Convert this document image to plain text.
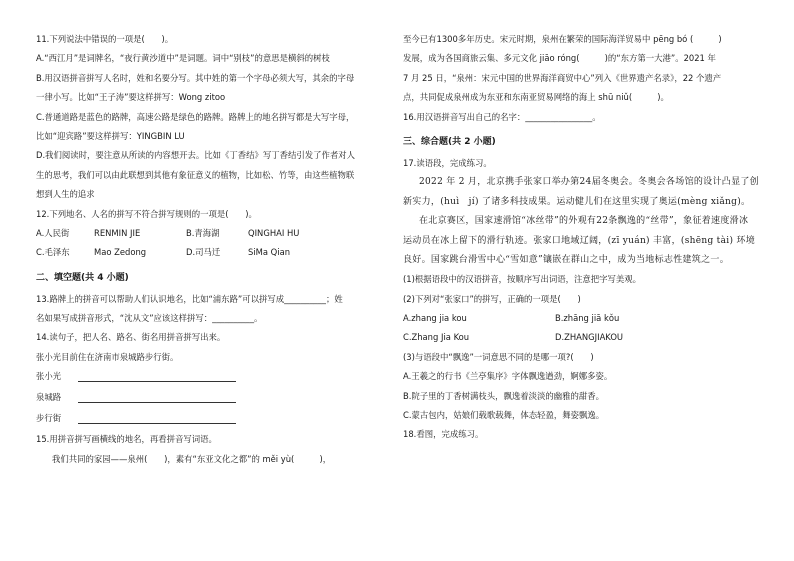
11.下列说法中错误的一项是(　　)。
A.“西江月”是词牌名，“夜行黄沙道中”是词题。词中“别枝”的意思是横斜的树枝
B.用汉语拼音拼写人名时，姓和名要分写。其中姓的第一个字母必须大写，其余的字母
一律小写。比如“王子涛”要这样拼写：Wong zitoo
C.普通道路是蓝色的路牌，高速公路是绿色的路牌。路牌上的地名拼写都是大写字母，
比如“迎宾路”要这样拼写：YINGBIN LU
D.我们阅读时，要注意从所读的内容想开去。比如《丁香结》写丁香结引发了作者对人
生的思考，我们可以由此联想到其他有象征意义的植物，比如松、竹等，由这些植物联
想到人生的追求
12.下列地名、人名的拼写不符合拼写规则的一项是(　　)。
A.人民街	RENMIN JIE	B.青海湖	QINGHAI HU
C.毛泽东	Mao Zedong	D.司马迁	SiMa Qian
二、填空题(共 4 小题)
13.路牌上的拼音可以帮助人们认识地名，比如“浦东路”可以拼写成__________；姓
名如果写成拼音形式，“沈从文”应该这样拼写：__________。
14.读句子，把人名、路名、街名用拼音拼写出来。
张小光目前住在济南市泉城路步行街。
张小光
泉城路
步行街
15.用拼音拼写画横线的地名，再看拼音写词语。
我们共同的家园——泉州(　　)，素有“东亚文化之都”的 měi yù(　　　)，
至今已有1300多年历史。宋元时期，泉州在繁荣的国际海洋贸易中 pēng bó (　　　)
发展，成为各国商旅云集、多元文化 jiāo róng(　　　)的“东方第一大港”。2021 年
7 月 25 日，“泉州：宋元中国的世界海洋商贸中心”列入《世界遗产名录》，22 个遗产
点，共同促成泉州成为东亚和东南亚贸易网络的海上 shū niǔ(　　　)。
16.用汉语拼音写出自己的名字：________________。
三、综合题(共 2 小题)
17.读语段，完成练习。
2022 年 2 月，北京携手张家口举办第24届冬奥会。冬奥会各场馆的设计凸显了创
新实力，(huì　jí) 了诸多科技成果。运动健儿们在这里实现了奥运(mèng xiǎng)。
在北京赛区，国家速滑馆“冰丝带”的外观有22条飘逸的“丝带”，象征着速度滑冰
运动员在冰上留下的滑行轨迹。张家口地域辽阔，(zī yuán) 丰富，(shēng tài) 环境
良好。国家跳台滑雪中心“雪如意”镶嵌在群山之中，成为当地标志性建筑之一。
(1)根据语段中的汉语拼音，按顺序写出词语，注意把字写美观。
(2)下列对“张家口”的拼写，正确的一项是(　　)
A.zhang jia kou	B.zhāng jiā kǒu
C.Zhang Jia Kou	D.ZHANGJIAKOU
(3)与语段中“飘逸”一词意思不同的是哪一项?(　　)
A.王羲之的行书《兰亭集序》字体飘逸遒劲，婀娜多姿。
B.院子里的丁香树满枝头，飘逸着淡淡的幽雅的甜香。
C.蒙古包内，姑娘们载歌载舞，体态轻盈，舞姿飘逸。
18.看图，完成练习。
